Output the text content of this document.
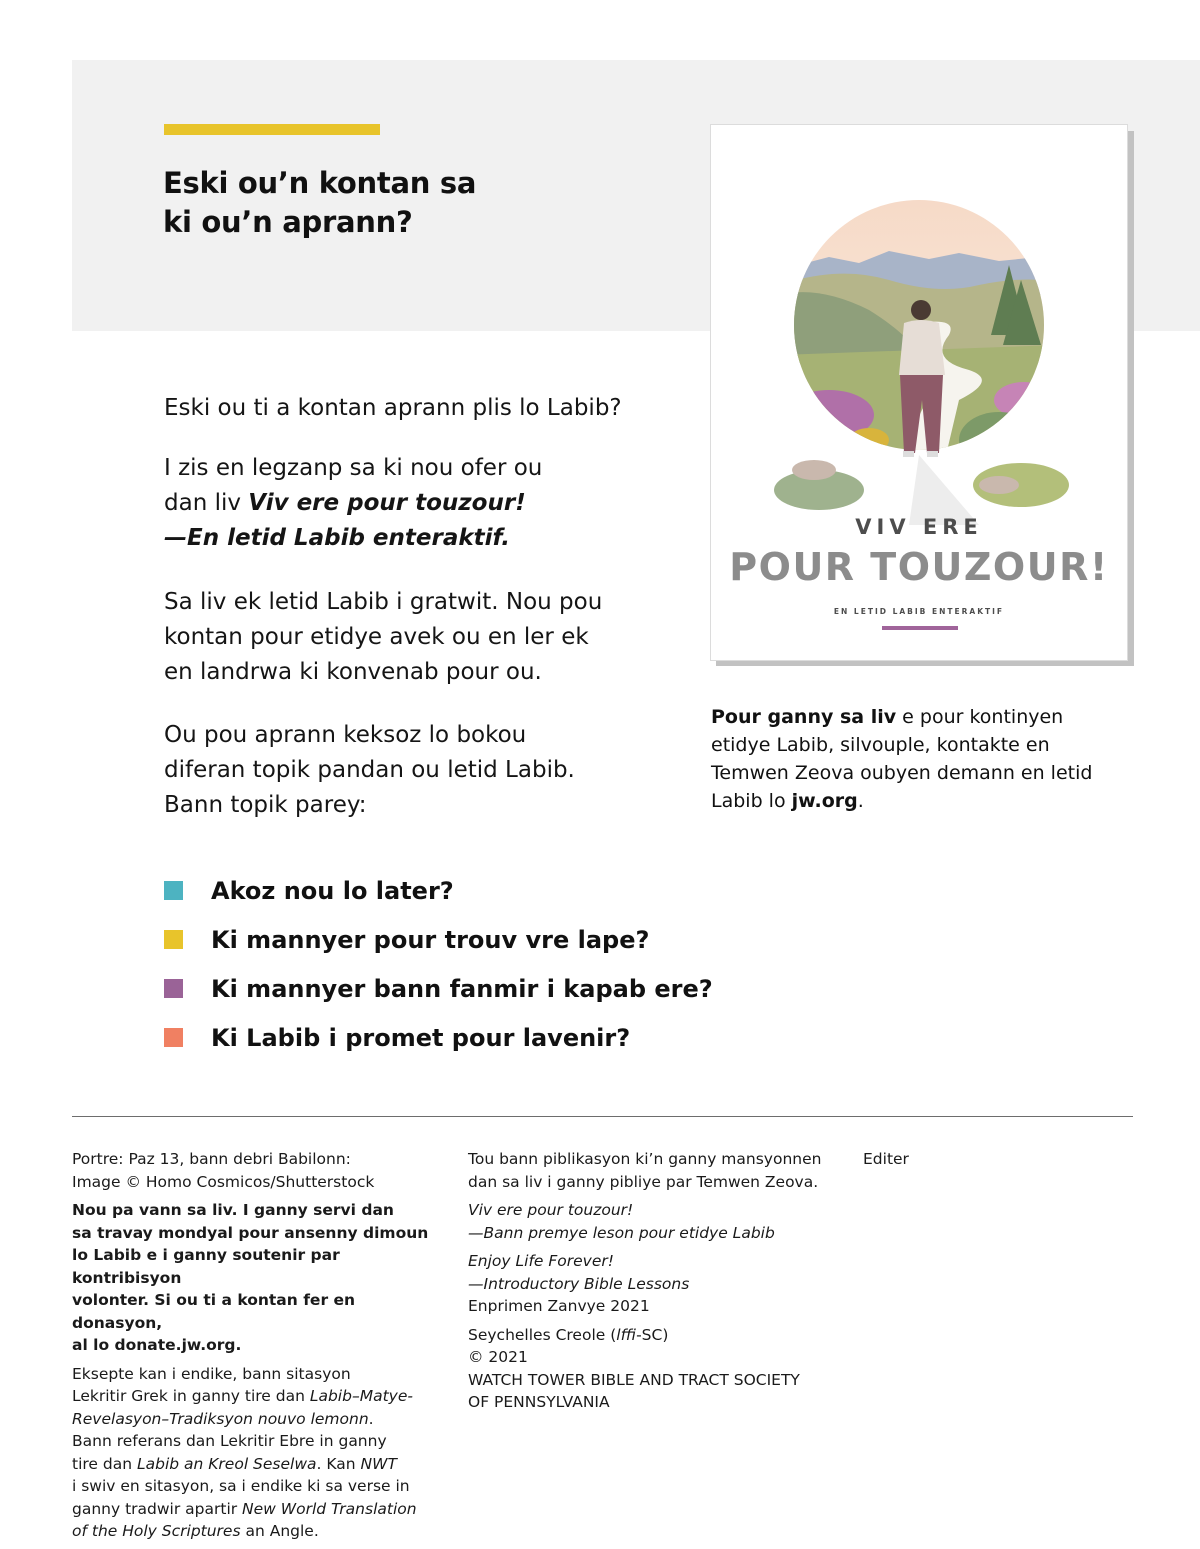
Eski ou’n kontan sa
ki ou’n aprann?
VIV ERE
POUR TOUZOUR!
EN LETID LABIB ENTERAKTIF

Pour ganny sa liv e pour kontinyen etidye Labib, silvouple, kontakte en Temwen Zeova oubyen demann en letid Labib lo jw.org.

Eski ou ti a kontan aprann plis lo Labib?

I zis en legzanp sa ki nou ofer ou
dan liv Viv ere pour touzour!
—En letid Labib enteraktif.

Sa liv ek letid Labib i gratwit. Nou pou
kontan pour etidye avek ou en ler ek
en landrwa ki konvenab pour ou.

Ou pou aprann keksoz lo bokou
diferan topik pandan ou letid Labib.
Bann topik parey:

Akoz nou lo later?
Ki mannyer pour trouv vre lape?
Ki mannyer bann fanmir i kapab ere?
Ki Labib i promet pour lavenir?

Portre: Paz 13, bann debri Babilonn:
Image © Homo Cosmicos/Shutterstock

Nou pa vann sa liv. I ganny servi dan
sa travay mondyal pour ansenny dimoun
lo Labib e i ganny soutenir par kontribisyon
volonter. Si ou ti a kontan fer en donasyon,
al lo donate.jw.org.

Eksepte kan i endike, bann sitasyon
Lekritir Grek in ganny tire dan Labib–Matye-
Revelasyon–Tradiksyon nouvo lemonn.
Bann referans dan Lekritir Ebre in ganny
tire dan Labib an Kreol Seselwa. Kan NWT
i swiv en sitasyon, sa i endike ki sa verse in
ganny tradwir apartir New World Translation
of the Holy Scriptures an Angle.

Tou bann piblikasyon ki’n ganny mansyonnen
dan sa liv i ganny pibliye par Temwen Zeova.

Viv ere pour touzour!
—Bann premye leson pour etidye Labib

Enjoy Life Forever!
—Introductory Bible Lessons
Enprimen Zanvye 2021

Seychelles Creole (lffi-SC)
© 2021
WATCH TOWER BIBLE AND TRACT SOCIETY
OF PENNSYLVANIA

Editer
